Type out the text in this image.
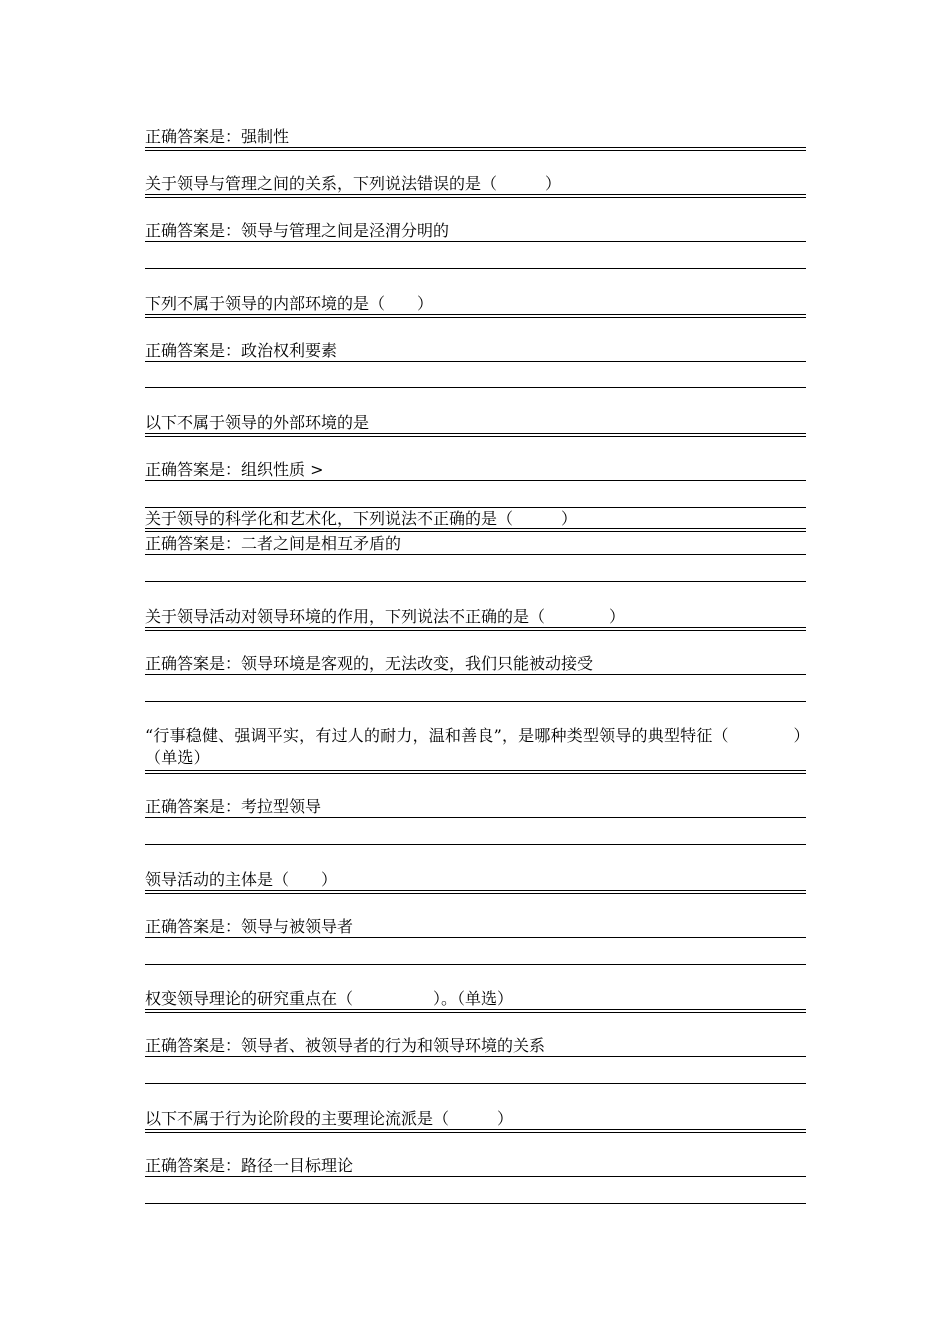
正确答案是：强制性
关于领导与管理之间的关系，下列说法错误的是（　　　）
正确答案是：领导与管理之间是泾渭分明的
下列不属于领导的内部环境的是（　　）
正确答案是：政治权利要素
以下不属于领导的外部环境的是
正确答案是：组织性质 >
关于领导的科学化和艺术化，下列说法不正确的是（　　　）
正确答案是：二者之间是相互矛盾的
关于领导活动对领导环境的作用，下列说法不正确的是（　　　　）
正确答案是：领导环境是客观的，无法改变，我们只能被动接受
“行事稳健、强调平实，有过人的耐力，温和善良”，是哪种类型领导的典型特征（　　　　）（单选）
正确答案是：考拉型领导
领导活动的主体是（　　）
正确答案是：领导与被领导者
权变领导理论的研究重点在（　　　　　）。（单选）
正确答案是：领导者、被领导者的行为和领导环境的关系
以下不属于行为论阶段的主要理论流派是（　　　）
正确答案是：路径一目标理论
